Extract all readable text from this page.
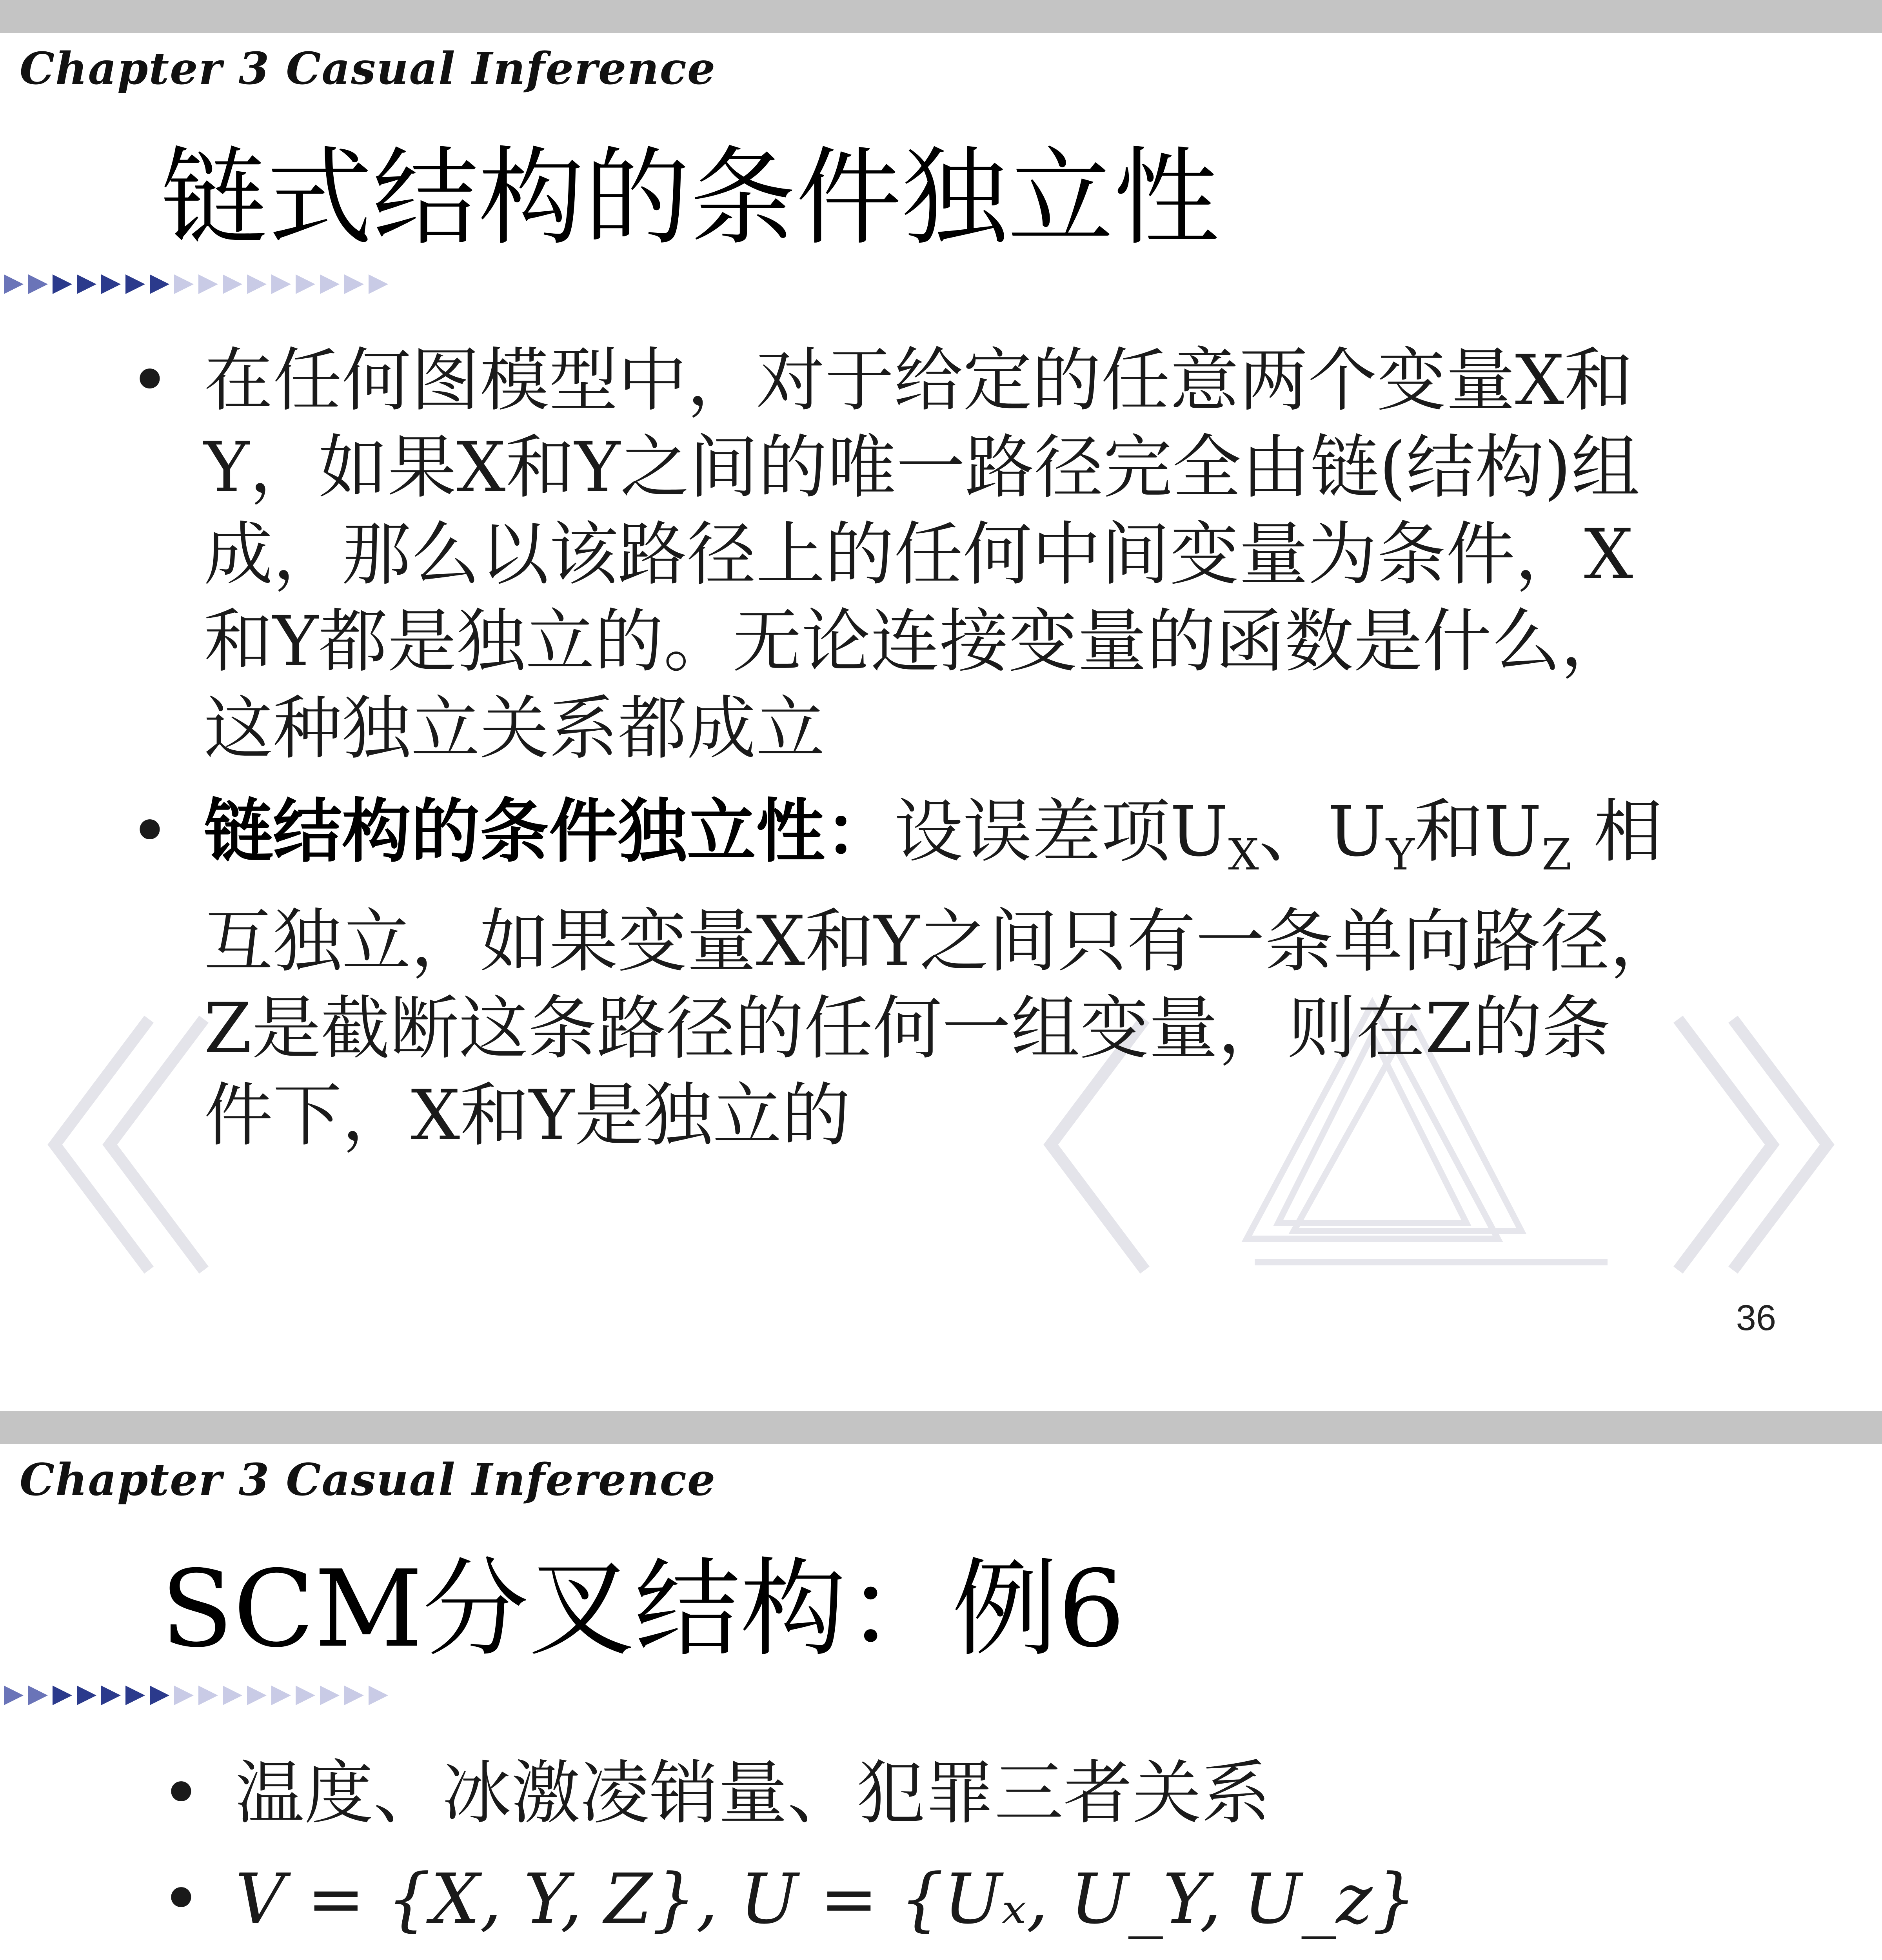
Chapter 3 Casual Inference
链式结构的条件独立性
• 在任何图模型中，对于给定的任意两个变量X和
Y，如果X和Y之间的唯一路径完全由链(结构)组
成，那么以该路径上的任何中间变量为条件，X
和Y都是独立的。无论连接变量的函数是什么，
这种独立关系都成立
• 链结构的条件独立性：设误差项$U_X$、$U_Y$和$U_Z$ 相
互独立，如果变量X和Y之间只有一条单向路径，
Z是截断这条路径的任何一组变量，则在Z的条
件下，X和Y是独立的
36
Chapter 3 Casual Inference
SCM分叉结构：例6
• 温度、冰激凌销量、犯罪三者关系
• V = {X, Y, Z}, U = {Uₓ, U_Y, U_z}
